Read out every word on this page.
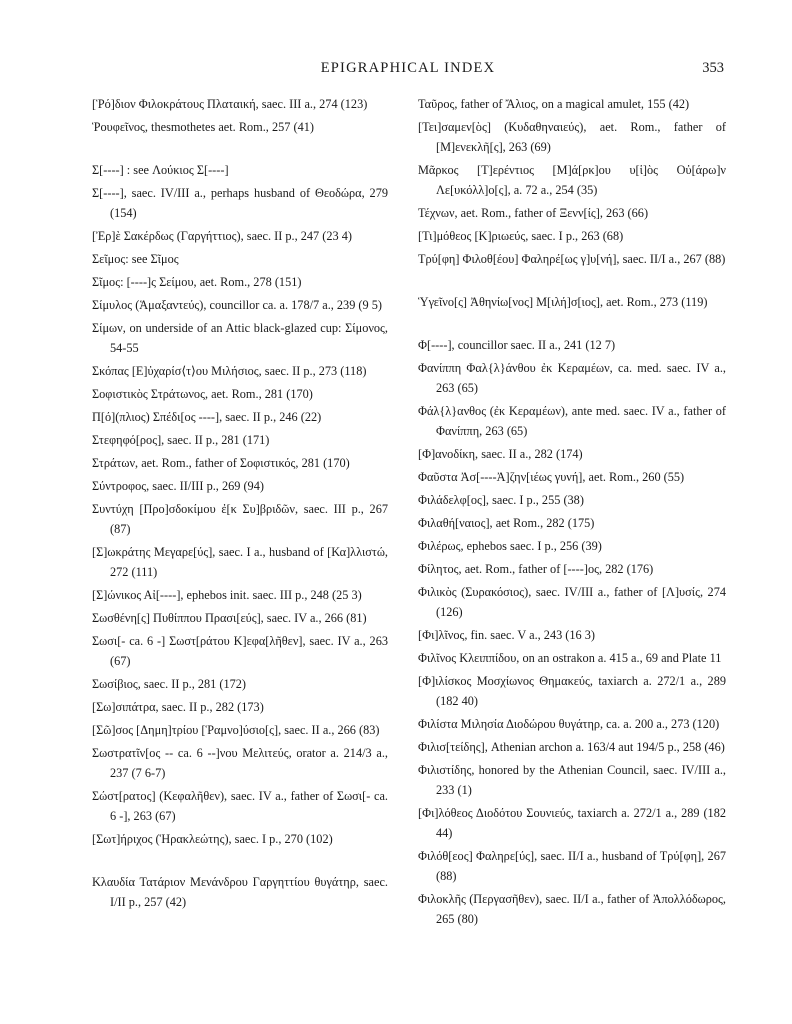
EPIGRAPHICAL INDEX	353
[Ῥό]διον Φιλοκράτους Πλαταική, saec. III a., 274 (123)
Ῥουφεῖνος, thesmothetes aet. Rom., 257 (41)
Σ[----] : see Λούκιος Σ[----]
Σ[----], saec. IV/III a., perhaps husband of Θεοδώρα, 279 (154)
[Ἐρ]ὲ Σακέρδως (Γαργήττιος), saec. II p., 247 (23 4)
Σεῖμος: see Σῖμος
Σῖμος: [----]ς Σείμου, aet. Rom., 278 (151)
Σίμυλος (Ἁμαξαντεύς), councillor ca. a. 178/7 a., 239 (9 5)
Σίμων, on underside of an Attic black-glazed cup: Σίμονος, 54-55
Σκόπας [Ε]ὐχαρίσ⟨τ⟩ου Μιλήσιος, saec. II p., 273 (118)
Σοφιστικὸς Στράτωνος, aet. Rom., 281 (170)
Π[ό](πλιος) Σπέδι[ος ----], saec. II p., 246 (22)
Στεφηφό[ρος], saec. II p., 281 (171)
Στράτων, aet. Rom., father of Σοφιστικός, 281 (170)
Σύντροφος, saec. II/III p., 269 (94)
Συντύχη [Προ]σδοκίμου ἐ[κ Συ]βριδῶν, saec. III p., 267 (87)
[Σ]ωκράτης Μεγαρε[ύς], saec. I a., husband of [Κα]λλιστώ, 272 (111)
[Σ]ώνικος Αἰ[----], ephebos init. saec. III p., 248 (25 3)
Σωσθένη[ς] Πυθίππου Πρασι[εύς], saec. IV a., 266 (81)
Σωσι[- ca. 6 -] Σωστ[ράτου Κ]εφα[λῆθεν], saec. IV a., 263 (67)
Σωσίβιος, saec. II p., 281 (172)
[Σω]σιπάτρα, saec. II p., 282 (173)
[Σῶ]σος [Δημη]τρίου [Ῥαμνο]ύσιο[ς], saec. II a., 266 (83)
Σωστρατῖν[ος -- ca. 6 --]νου Μελιτεύς, orator a. 214/3 a., 237 (7 6-7)
Σώστ[ρατος] (Κεφαλῆθεν), saec. IV a., father of Σωσι[- ca. 6 -], 263 (67)
[Σωτ]ήριχος (Ἡρακλεώτης), saec. I p., 270 (102)
Κλαυδία Τατάριον Μενάνδρου Γαργηττίου θυγάτηρ, saec. I/II p., 257 (42)
Ταῦρος, father of Ἄλιος, on a magical amulet, 155 (42)
[Τει]σαμεν[ὸς] (Κυδαθηναιεύς), aet. Rom., father of [Μ]ενεκλῆ[ς], 263 (69)
Μᾶρκος [Τ]ερέντιος [Μ]ά[ρκ]ου υ[ἱ]ὸς Οὐ[άρω]ν Λε[υκόλλ]ο[ς], a. 72 a., 254 (35)
Τέχνων, aet. Rom., father of Ξενν[ίς], 263 (66)
[Τι]μόθεος [Κ]ριωεύς, saec. I p., 263 (68)
Τρύ[φη] Φιλοθ[έου] Φαληρέ[ως γ]υ[νή], saec. II/I a., 267 (88)
Ὑγεῖνο[ς] Ἀθηνίω[νος] Μ[ιλή]σ[ιος], aet. Rom., 273 (119)
Φ[----], councillor saec. II a., 241 (12 7)
Φανίππη Φαλ{λ}άνθου ἐκ Κεραμέων, ca. med. saec. IV a., 263 (65)
Φάλ{λ}ανθος (ἐκ Κεραμέων), ante med. saec. IV a., father of Φανίππη, 263 (65)
[Φ]ανοδίκη, saec. II a., 282 (174)
Φαῦστα Ἀσ[----Ἀ]ζην[ιέως γυνή], aet. Rom., 260 (55)
Φιλάδελφ[ος], saec. I p., 255 (38)
Φιλαθή[ναιος], aet Rom., 282 (175)
Φιλέρως, ephebos saec. I p., 256 (39)
Φίλητος, aet. Rom., father of [----]ος, 282 (176)
Φιλικὸς (Συρακόσιος), saec. IV/III a., father of [Λ]υσίς, 274 (126)
[Φι]λῖνος, fin. saec. V a., 243 (16 3)
Φιλῖνος Κλειππίδου, on an ostrakon a. 415 a., 69 and Plate 11
[Φ]ιλίσκος Μοσχίωνος Θημακεύς, taxiarch a. 272/1 a., 289 (182 40)
Φιλίστα Μιλησία Διοδώρου θυγάτηρ, ca. a. 200 a., 273 (120)
Φιλισ[τείδης], Athenian archon a. 163/4 aut 194/5 p., 258 (46)
Φιλιστίδης, honored by the Athenian Council, saec. IV/III a., 233 (1)
[Φι]λόθεος Διοδότου Σουνιεύς, taxiarch a. 272/1 a., 289 (182 44)
Φιλόθ[εος] Φαληρε[ύς], saec. II/I a., husband of Τρύ[φη], 267 (88)
Φιλοκλῆς (Περγασῆθεν), saec. II/I a., father of Ἀπολλόδωρος, 265 (80)
